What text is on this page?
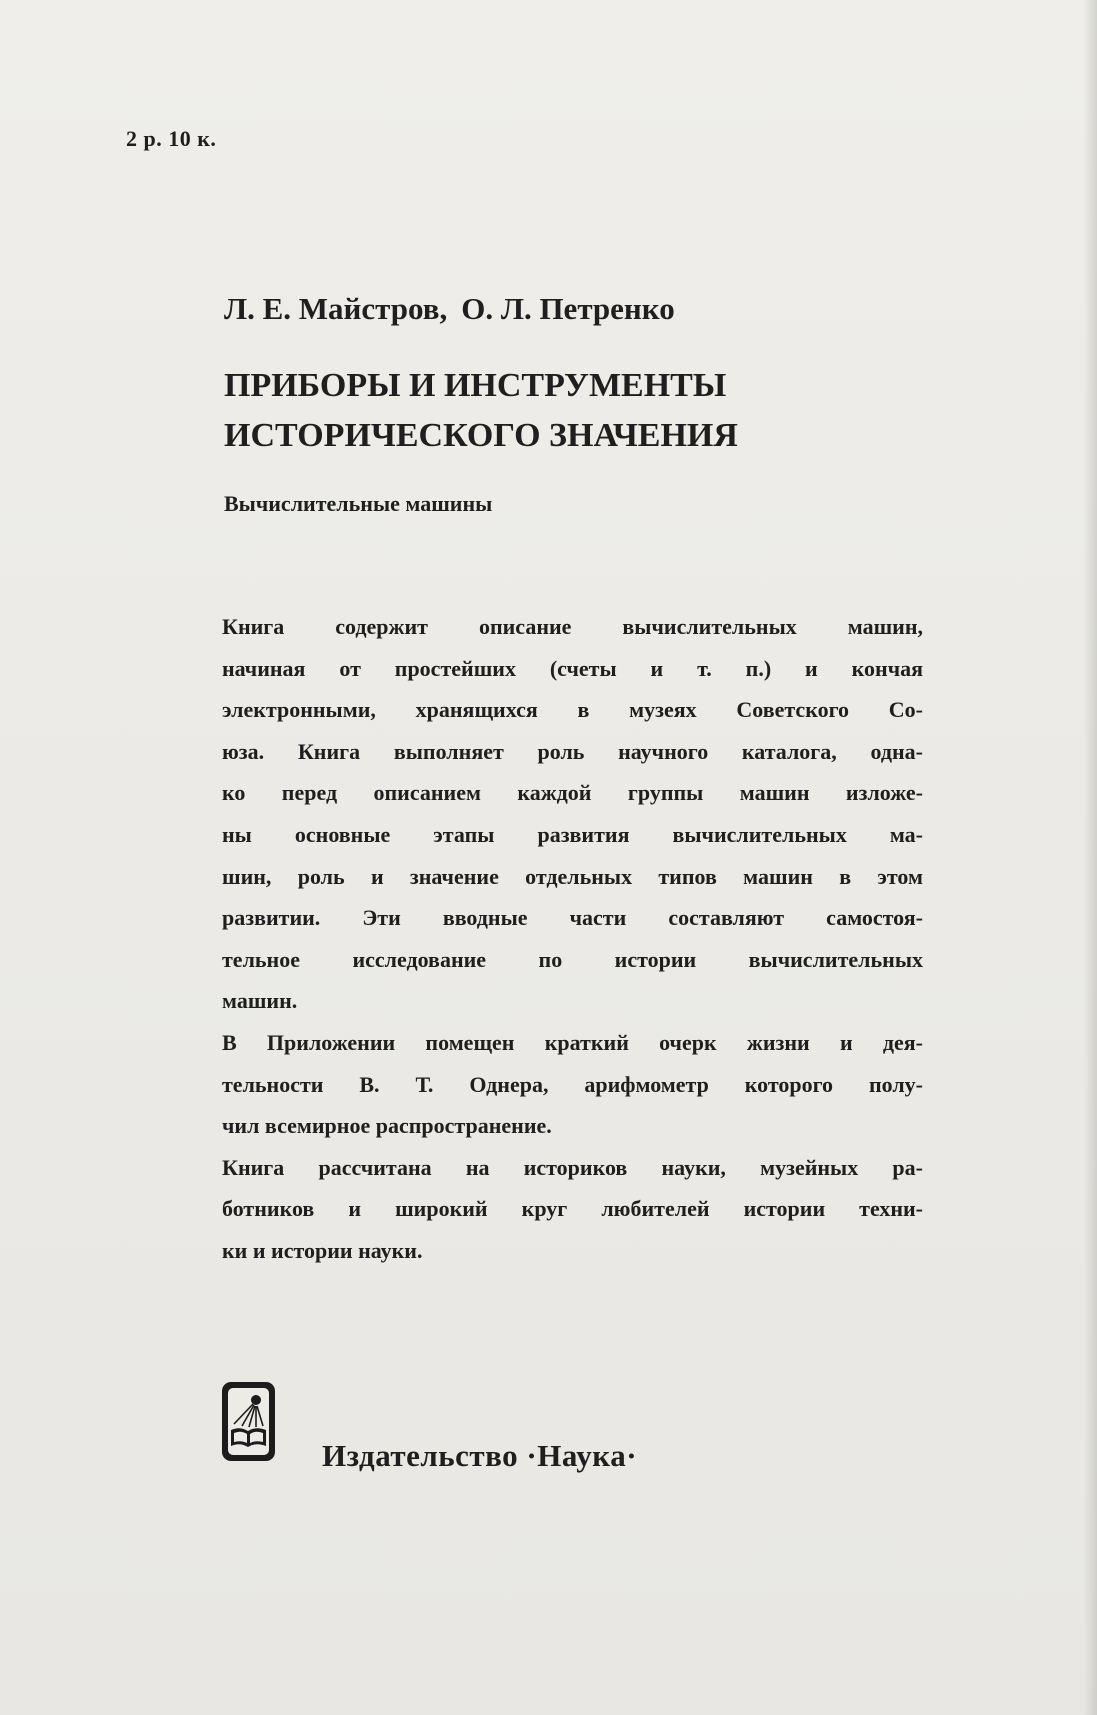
2 р. 10 к.
Л. Е. Майстров, О. Л. Петренко
ПРИБОРЫ И ИНСТРУМЕНТЫ
ИСТОРИЧЕСКОГО ЗНАЧЕНИЯ
Вычислительные машины
Книга содержит описание вычислительных машин,
начиная от простейших (счеты и т. п.) и кончая
электронными, хранящихся в музеях Советского Со-
юза. Книга выполняет роль научного каталога, одна-
ко перед описанием каждой группы машин изложе-
ны основные этапы развития вычислительных ма-
шин, роль и значение отдельных типов машин в этом
развитии. Эти вводные части составляют самостоя-
тельное исследование по истории вычислительных
машин.
В Приложении помещен краткий очерк жизни и дея-
тельности В. Т. Однера, арифмометр которого полу-
чил всемирное распространение.
Книга рассчитана на историков науки, музейных ра-
ботников и широкий круг любителей истории техни-
ки и истории науки.
Издательство ·Наука·
